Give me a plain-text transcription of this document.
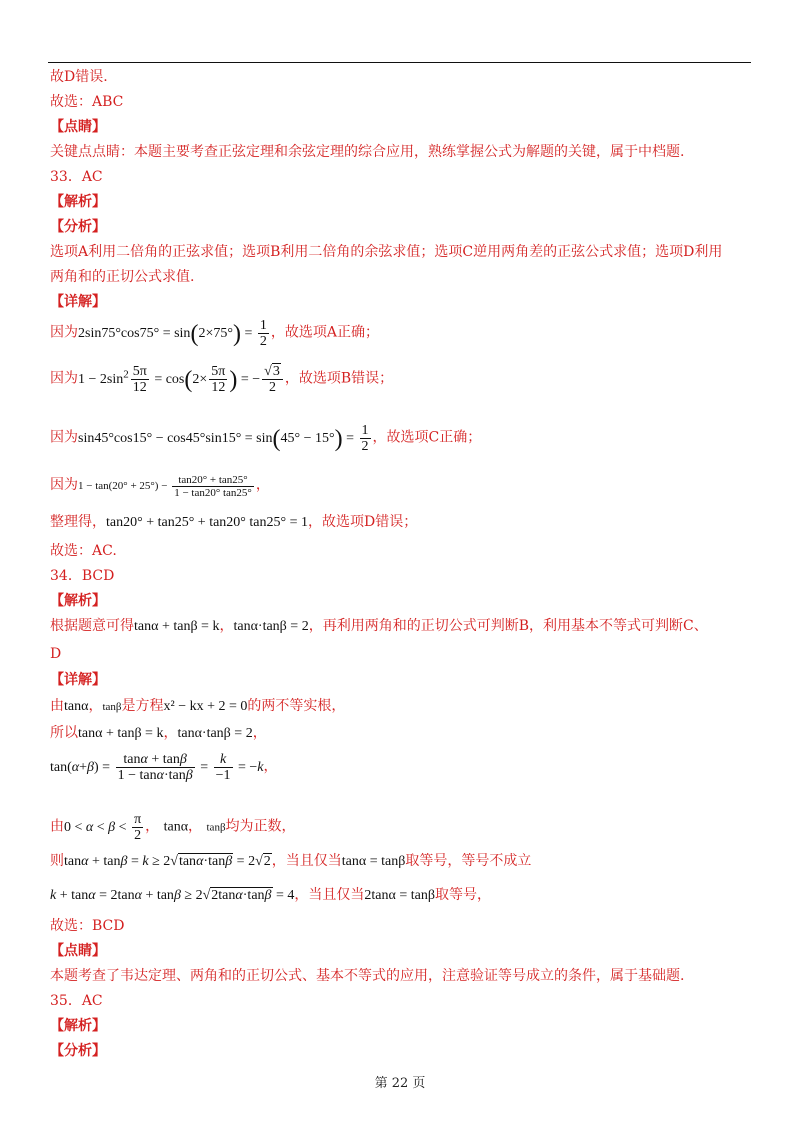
故D错误.
故选：ABC
【点睛】
关键点点睛：本题主要考查正弦定理和余弦定理的综合应用，熟练掌握公式为解题的关键，属于中档题.
33．AC
【解析】
【分析】
选项A利用二倍角的正弦求值；选项B利用二倍角的余弦求值；选项C逆用两角差的正弦公式求值；选项D利用
两角和的正切公式求值.
【详解】
因为$2\sin 75^\circ\cos 75^\circ = \sin(2\times 75^\circ) = \frac{1}{2}$ ，故选项A正确；
因为$1 - 2\sin^2 \frac{5\pi}{12} = \cos(2\times \frac{5\pi}{12}$ ) = − $\frac{√3}{2}$ ，故选项B错误；
因为$\sin 45^\circ\cos 15^\circ - \cos 45^\circ\sin 15^\circ = \sin(45^\circ - 15^\circ) = \frac{1}{2}$ ，故选项C正确；
因为$1 - \tan(20^\circ + 25^\circ) - \frac{\tan 20^\circ + \tan 25^\circ}{1 - \tan 20^\circ \tan 25^\circ}$ ，
整理得，tan20° + tan25° + tan20° tan25° = 1，故选项D错误；
故选：AC.
34．BCD
【解析】
根据题意可得tanα + tanβ = k，tanα·tanβ = 2，再利用两角和的正切公式可判断B，利用基本不等式可判断C、
D
【详解】
由tanα，tanβ是方程x² − kx + 2 = 0的两不等实根，
所以tanα + tanβ = k，tanα·tanβ = 2，
$\tan(\alpha+\beta) = \frac{\tan\alpha + \tan\beta}{1 - \tan\alpha\cdot\tan\beta} = \frac{k}{-1} = -k$，
由$0 < \alpha < \beta < \frac{\pi}{2}$ ， tanα， tanβ均为正数，
则tanα + tanβ = k ≥ 2√tanα·tanβ = 2√2，当且仅当tanα = tanβ取等号，等号不成立
k + tanα = 2tanα + tanβ ≥ 2√2tanα·tanβ = 4，当且仅当2tanα = tanβ取等号，
故选：BCD
【点睛】
本题考查了韦达定理、两角和的正切公式、基本不等式的应用，注意验证等号成立的条件，属于基础题.
35．AC
【解析】
【分析】
第 22 页
